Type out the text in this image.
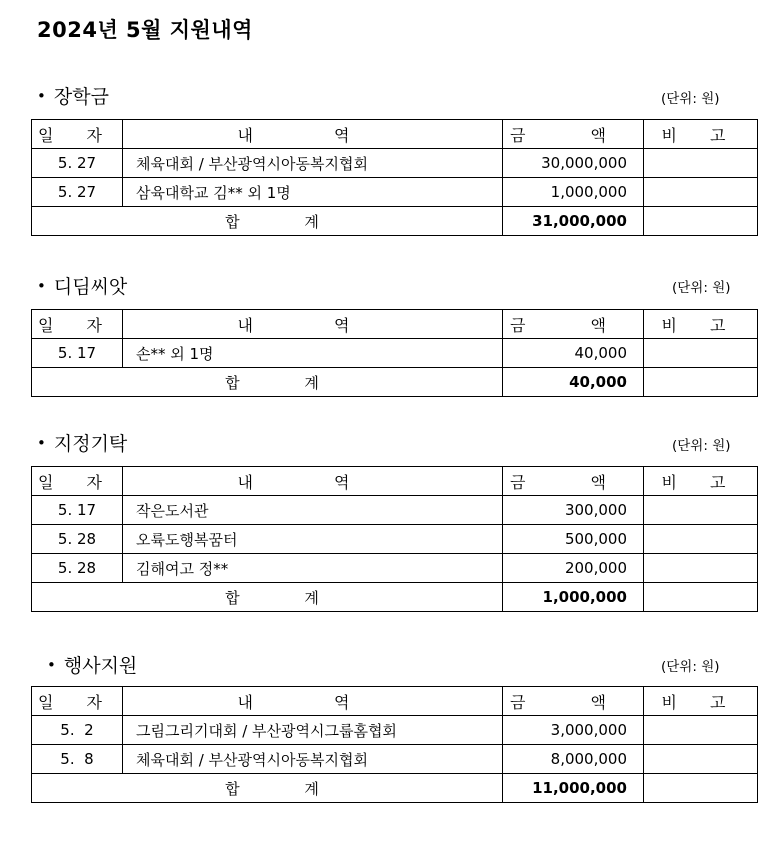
2024년 5월 지원내역
• 장학금	(단위: 원)
일 자	내 역	금 액	비 고
5. 27	체육대회 / 부산광역시아동복지협회	30,000,000	
5. 27	삼육대학교 김** 외 1명	1,000,000	
합 계		31,000,000	
• 디딤씨앗	(단위: 원)
일 자	내 역	금 액	비 고
5. 17	손** 외 1명	40,000	
합 계		40,000	
• 지정기탁	(단위: 원)
일 자	내 역	금 액	비 고
5. 17	작은도서관	300,000	
5. 28	오륙도행복꿈터	500,000	
5. 28	김해여고 정**	200,000	
합 계		1,000,000	
• 행사지원	(단위: 원)
일 자	내 역	금 액	비 고
5.  2	그림그리기대회 / 부산광역시그룹홈협회	3,000,000	
5.  8	체육대회 / 부산광역시아동복지협회	8,000,000	
합 계		11,000,000	
